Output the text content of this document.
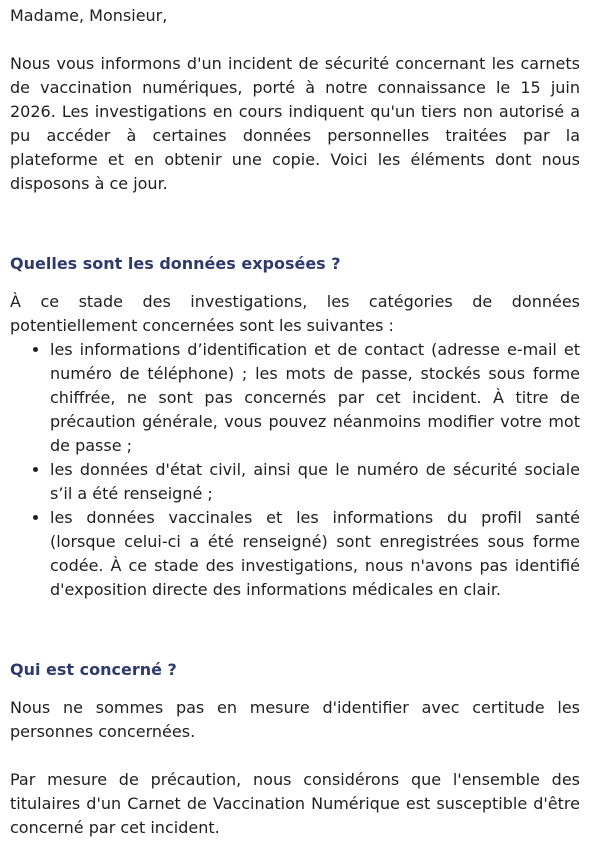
Madame, Monsieur,

Nous vous informons d'un incident de sécurité concernant les carnets de vaccination numériques, porté à notre connaissance le 15 juin 2026. Les investigations en cours indiquent qu'un tiers non autorisé a pu accéder à certaines données personnelles traitées par la plateforme et en obtenir une copie. Voici les éléments dont nous disposons à ce jour.

Quelles sont les données exposées ?

À ce stade des investigations, les catégories de données potentiellement concernées sont les suivantes :

• les informations d’identification et de contact (adresse e-mail et numéro de téléphone) ; les mots de passe, stockés sous forme chiffrée, ne sont pas concernés par cet incident. À titre de précaution générale, vous pouvez néanmoins modifier votre mot de passe ;
• les données d'état civil, ainsi que le numéro de sécurité sociale s’il a été renseigné ;
• les données vaccinales et les informations du profil santé (lorsque celui-ci a été renseigné) sont enregistrées sous forme codée. À ce stade des investigations, nous n'avons pas identifié d'exposition directe des informations médicales en clair.
Qui est concerné ?

Nous ne sommes pas en mesure d'identifier avec certitude les personnes concernées.

Par mesure de précaution, nous considérons que l'ensemble des titulaires d'un Carnet de Vaccination Numérique est susceptible d'être concerné par cet incident.
